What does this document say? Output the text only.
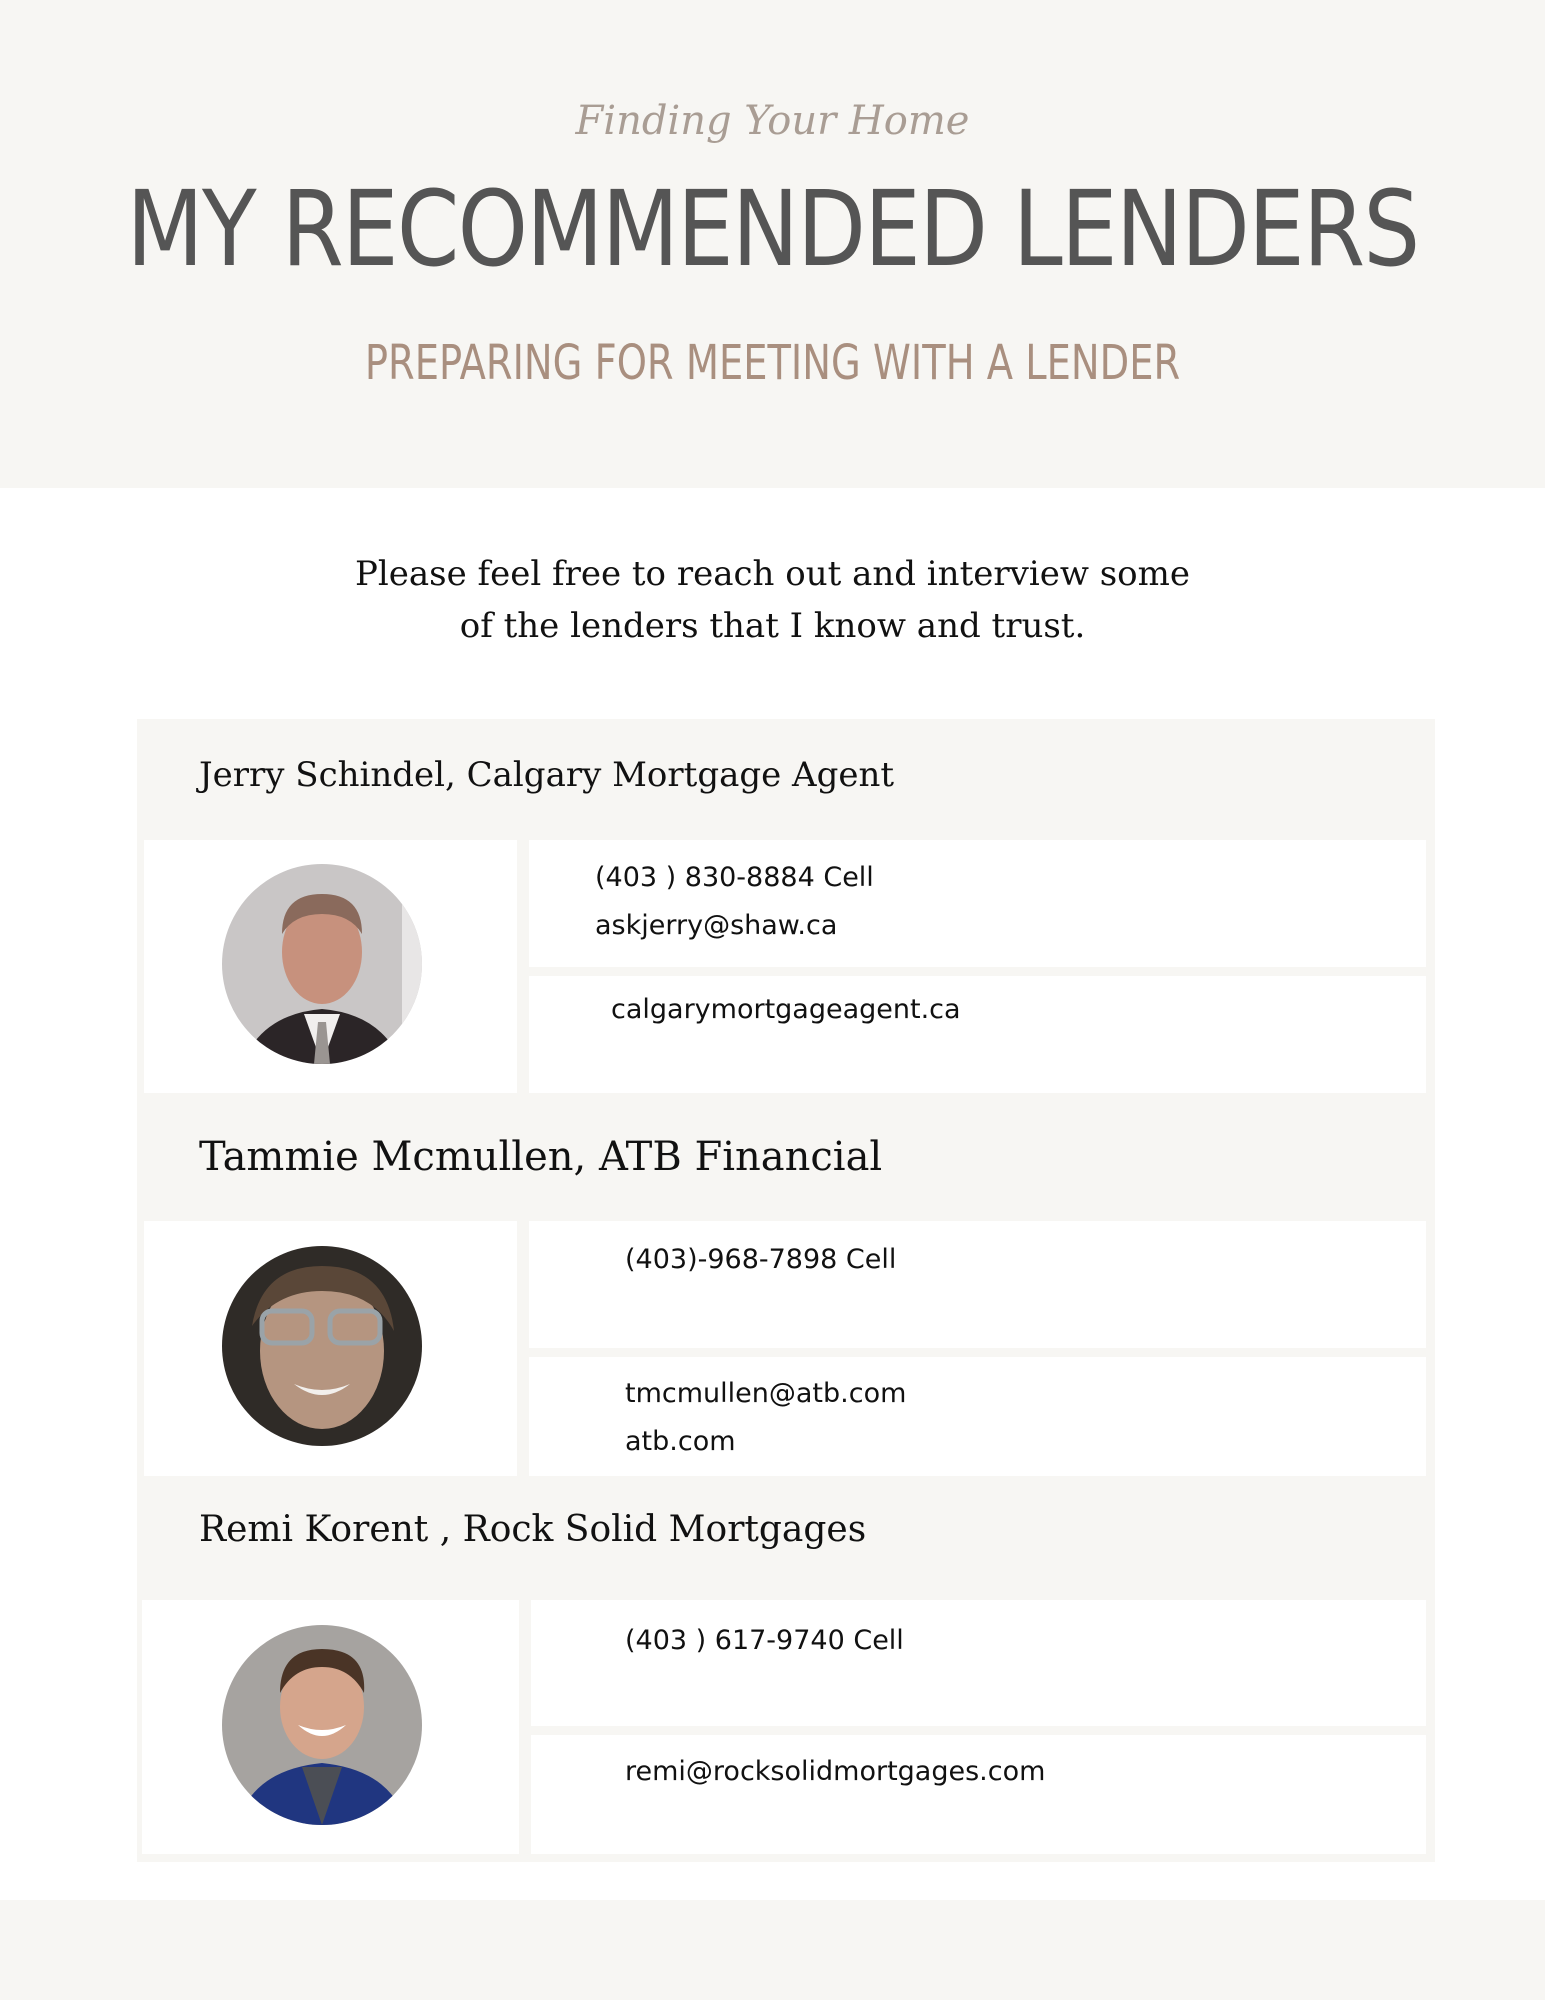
Finding Your Home
MY RECOMMENDED LENDERS
PREPARING FOR MEETING WITH A LENDER
Please feel free to reach out and interview some
of the lenders that I know and trust.
Jerry Schindel, Calgary Mortgage Agent
(403 ) 830-8884 Cell
askjerry@shaw.ca
calgarymortgageagent.ca
Tammie Mcmullen, ATB Financial
(403)-968-7898 Cell
tmcmullen@atb.com
atb.com
Remi Korent , Rock Solid Mortgages
(403 ) 617-9740 Cell
remi@rocksolidmortgages.com
